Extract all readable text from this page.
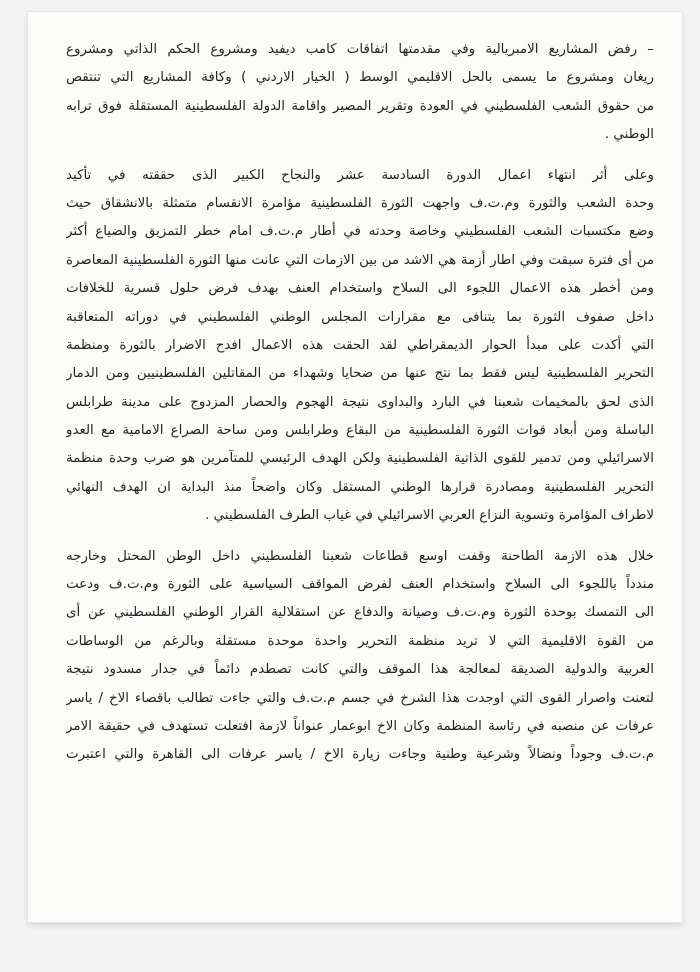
– رفض المشاريع الامبريالية وفي مقدمتها اتفاقات كامب ديفيد ومشروع الحكم الذاتي ومشروع
ريغان ومشروع ما يسمى بالحل الاقليمي الوسط ( الخيار الاردني ) وكافة المشاريع التي تنتقص
من حقوق الشعب الفلسطيني في العودة وتقرير المصير واقامة الدولة الفلسطينية المستقلة فوق ترابه
الوطني .
وعلى أثر انتهاء اعمال الدورة السادسة عشر والنجاح الكبير الذى حققته في تأكيد
وحدة الشعب والثورة وم.ت.ف واجهت الثورة الفلسطينية مؤامرة الانقسام متمثلة بالانشقاق حيث
وضع مكتسبات الشعب الفلسطيني وخاصة وحدته في أطار م.ت.ف امام خطر التمزيق والضياع أكثر
من أى فترة سبقت وفي اطار أزمة هي الاشد من بين الازمات التي عانت منها الثورة الفلسطينية المعاصرة
ومن أخطر هذه الاعمال اللجوء الى السلاح واستخدام العنف بهدف فرض حلول قسرية للخلافات
داخل صفوف الثورة بما يتنافى مع مقرارات المجلس الوطني الفلسطيني في دوراته المتعاقبة
التي أكدت على مبدأ الحوار الديمقراطي لقد الحقت هذه الاعمال افدح الاضرار بالثورة ومنظمة
التحرير الفلسطينية ليس فقط بما نتج عنها من ضحايا وشهداء من المقاتلين الفلسطينيين ومن الدمار
الذى لحق بالمخيمات شعبنا في البارد والبداوى نتيجة الهجوم والحصار المزدوج على مدينة طرابلس
الباسلة ومن أبعاد قوات الثورة الفلسطينية من البقاع وطرابلس ومن ساحة الصراع الامامية مع العدو
الاسرائيلي ومن تدمير للقوى الذاتية الفلسطينية ولكن الهدف الرئيسي للمتآمرين هو ضرب وحدة منظمة
التحرير الفلسطينية ومصادرة قرارها الوطني المستقل وكان واضحاً منذ البداية ان الهدف النهائي
لاطراف المؤامرة وتسوية النزاع العربي الاسرائيلي في غياب الطرف الفلسطيني .
خلال هذه الازمة الطاحنة وقفت اوسع قطاعات شعبنا الفلسطيني داخل الوطن المحتل وخارجه
مندداً باللجوء الى السلاح واستخدام العنف لفرض المواقف السياسية على الثورة وم.ت.ف ودعت
الى التمسك بوحدة الثورة وم.ت.ف وصيانة والدفاع عن استقلالية القرار الوطني الفلسطيني عن أى
من القوة الاقليمية التي لا تريد منظمة التحرير واحدة موحدة مستقلة وبالرغم من الوساطات
العربية والدولية الصديقة لمعالجة هذا الموقف والتي كانت تصطدم دائماً في جدار مسدود نتيجة
لتعنت واصرار القوى التي اوجدت هذا الشرخ في جسم م.ت.ف والتي جاءت تطالب باقصاء الاخ / ياسر
عرفات عن منصبه في رئاسة المنظمة وكان الاخ ابوعمار عنواناً لازمة افتعلت تستهدف في حقيقة الامر
م.ت.ف وجوداً ونضالاً وشرعية وطنية وجاءت زيارة الاخ / ياسر عرفات الى القاهرة والتي اعتبرت
